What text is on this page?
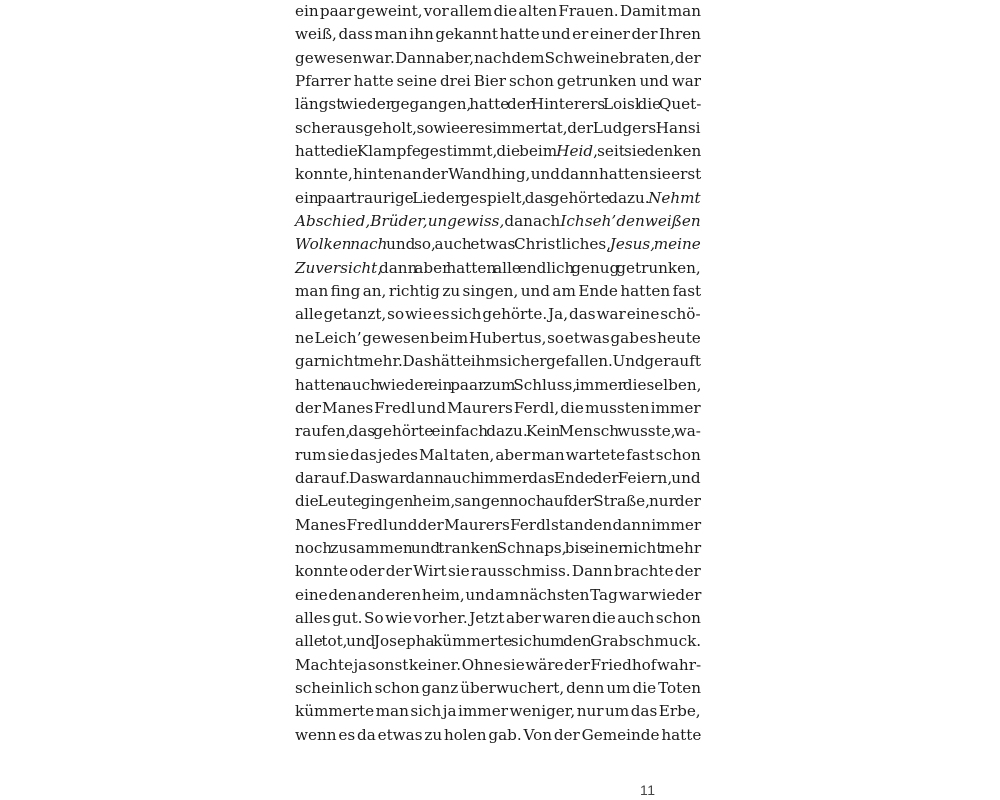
ein paar geweint, vor allem die alten Frauen. Damit man
weiß, dass man ihn gekannt hatte und er einer der Ihren
gewesen war. Dann aber, nach dem Schweinebraten, der
Pfarrer hatte seine drei Bier schon getrunken und war
längst wieder gegangen, hatte der Hinterers Loisl die Quet-
sche rausgeholt, so wie er es immer tat, der Ludgers Hansi
hatte die Klampfe gestimmt, die beim Heid, seit sie denken
konnte, hinten an der Wand hing, und dann hatten sie erst
ein paar traurige Lieder gespielt, das gehörte dazu. Nehmt
Abschied, Brüder, ungewiss, danach Ich seh’ den weißen
Wolken nach und so, auch etwas Christliches, Jesus, meine
Zuversicht, dann aber hatten alle endlich genug getrunken,
man fing an, richtig zu singen, und am Ende hatten fast
alle getanzt, so wie es sich gehörte. Ja, das war eine schö-
ne Leich’ gewesen beim Hubertus, so etwas gab es heute
gar nicht mehr. Das hätte ihm sicher gefallen. Und gerauft
hatten auch wieder ein paar zum Schluss, immer dieselben,
der Manes Fredl und Maurers Ferdl, die mussten immer
raufen, das gehörte einfach dazu. Kein Mensch wusste, wa-
rum sie das jedes Mal taten, aber man wartete fast schon
darauf. Das war dann auch immer das Ende der Feiern, und
die Leute gingen heim, sangen noch auf der Straße, nur der
Manes Fredl und der Maurers Ferdl standen dann immer
noch zusammen und tranken Schnaps, bis einer nicht mehr
konnte oder der Wirt sie rausschmiss. Dann brachte der
eine den anderen heim, und am nächsten Tag war wieder
alles gut. So wie vorher. Jetzt aber waren die auch schon
alle tot, und Josepha kümmerte sich um den Grabschmuck.
Machte ja sonst keiner. Ohne sie wäre der Friedhof wahr-
scheinlich schon ganz überwuchert, denn um die Toten
kümmerte man sich ja immer weniger, nur um das Erbe,
wenn es da etwas zu holen gab. Von der Gemeinde hatte
11
